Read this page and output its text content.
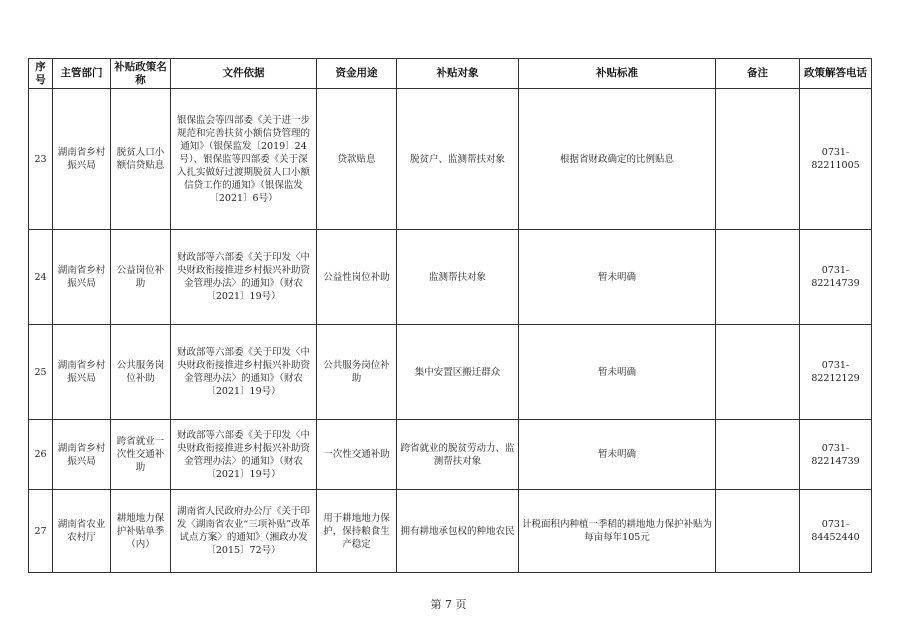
序号	主管部门	补贴政策名称	文件依据	资金用途	补贴对象	补贴标准	备注	政策解答电话
23	湖南省乡村振兴局	脱贫人口小额信贷贴息	银保监会等四部委《关于进一步规范和完善扶贫小额信贷管理的通知》（银保监发〔2019〕24号）、银保监等四部委《关于深入扎实做好过渡期脱贫人口小额信贷工作的通知》（银保监发〔2021〕6号）	贷款贴息	脱贫户、监测帮扶对象	根据省财政确定的比例贴息		0731-82211005
24	湖南省乡村振兴局	公益岗位补助	财政部等六部委《关于印发〈中央财政衔接推进乡村振兴补助资金管理办法〉的通知》（财农〔2021〕19号）	公益性岗位补助	监测帮扶对象	暂未明确		0731-82214739
25	湖南省乡村振兴局	公共服务岗位补助	财政部等六部委《关于印发〈中央财政衔接推进乡村振兴补助资金管理办法〉的通知》（财农〔2021〕19号）	公共服务岗位补助	集中安置区搬迁群众	暂未明确		0731-82212129
26	湖南省乡村振兴局	跨省就业一次性交通补助	财政部等六部委《关于印发〈中央财政衔接推进乡村振兴补助资金管理办法〉的通知》（财农〔2021〕19号）	一次性交通补助	跨省就业的脱贫劳动力、监测帮扶对象	暂未明确		0731-82214739
27	湖南省农业农村厅	耕地地力保护补贴单季（内）	湖南省人民政府办公厅《关于印发〈湖南省农业“三项补贴”改革试点方案〉的通知》（湘政办发〔2015〕72号）	用于耕地地力保护，保持粮食生产稳定	拥有耕地承包权的种地农民	计税面积内种植一季稻的耕地地力保护补贴为每亩每年105元		0731-84452440
第 7 页
